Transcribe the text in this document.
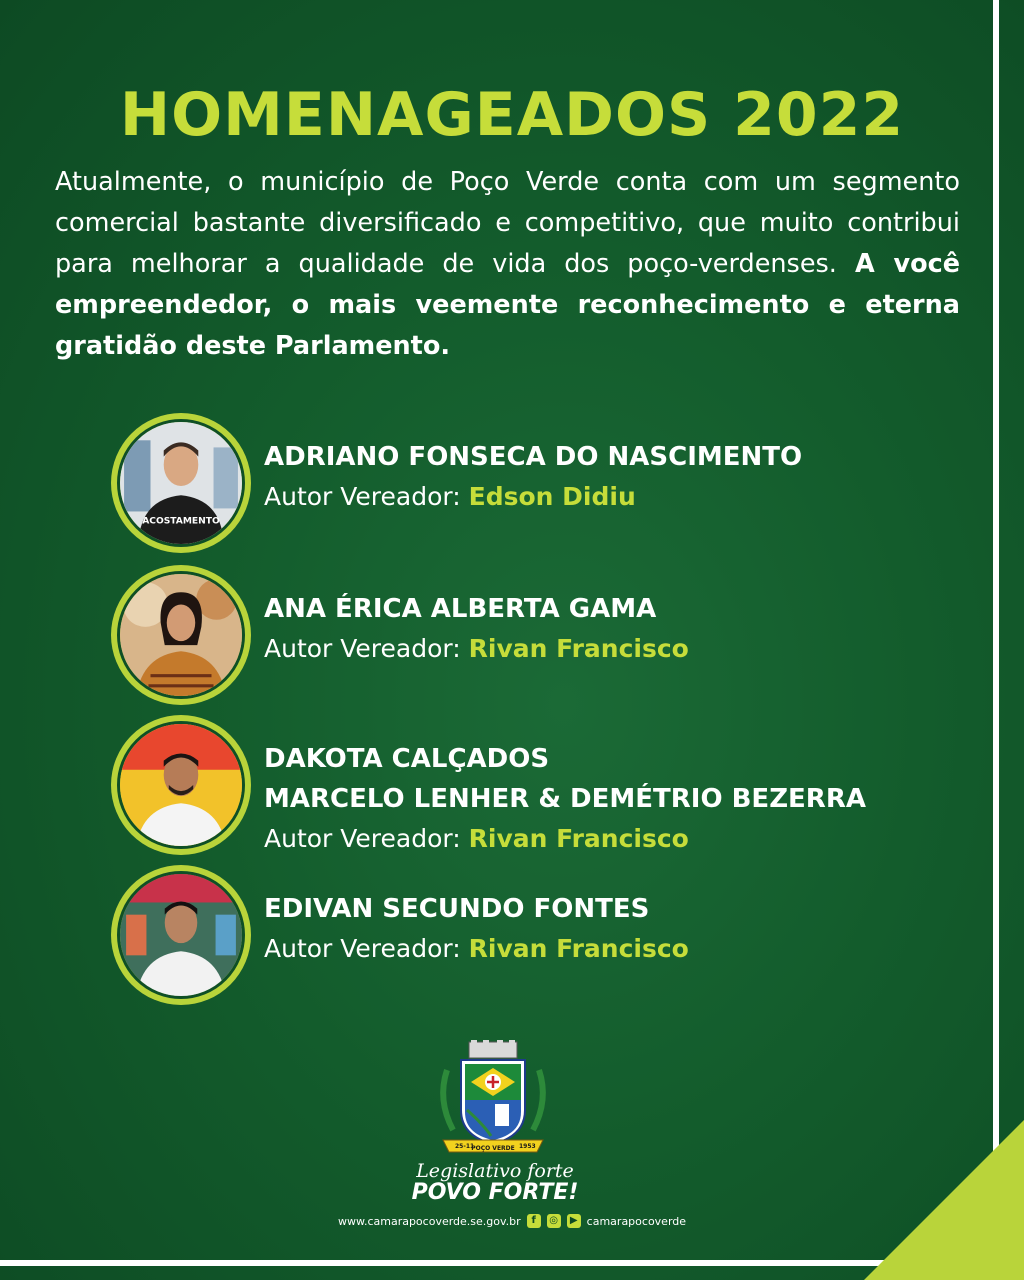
HOMENAGEADOS 2022
Atualmente, o município de Poço Verde conta com um segmento comercial bastante diversificado e competitivo, que muito contribui para melhorar a qualidade de vida dos poço-verdenses. A você empreendedor, o mais veemente reconhecimento e eterna gratidão deste Parlamento.
ACOSTAMENTO
ADRIANO FONSECA DO NASCIMENTO
Autor Vereador: Edson Didiu
ANA ÉRICA ALBERTA GAMA
Autor Vereador: Rivan Francisco
DAKOTA CALÇADOS
MARCELO LENHER & DEMÉTRIO BEZERRA
Autor Vereador: Rivan Francisco
EDIVAN SECUNDO FONTES
Autor Vereador: Rivan Francisco
25-11
POÇO VERDE 1953
Legislativo forte
POVO FORTE!
www.camarapocoverde.se.gov.br	f	◎	▶ camarapocoverde
